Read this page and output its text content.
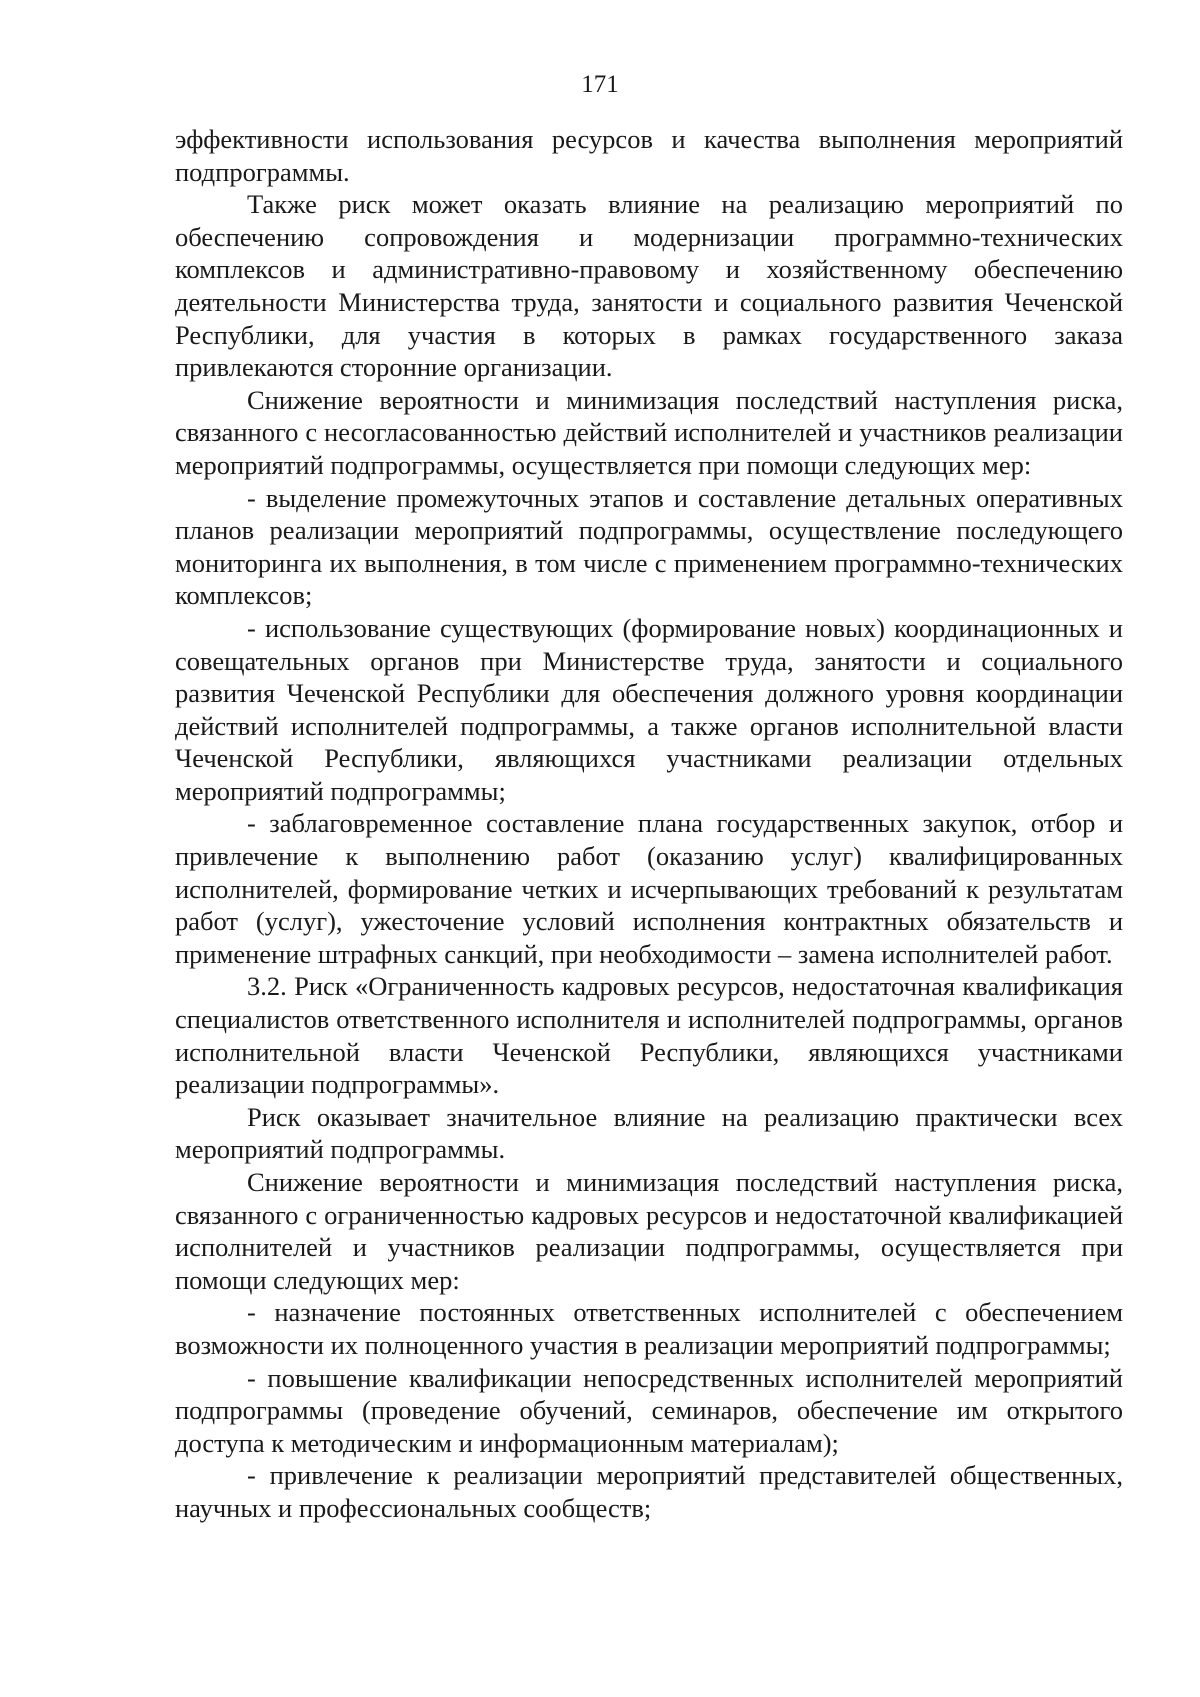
171

эффективности использования ресурсов и качества выполнения мероприятий подпрограммы.

Также риск может оказать влияние на реализацию мероприятий по обеспечению сопровождения и модернизации программно-технических комплексов и административно-правовому и хозяйственному обеспечению деятельности Министерства труда, занятости и социального развития Чеченской Республики, для участия в которых в рамках государственного заказа привлекаются сторонние организации.

Снижение вероятности и минимизация последствий наступления риска, связанного с несогласованностью действий исполнителей и участников реализации мероприятий подпрограммы, осуществляется при помощи следующих мер:

- выделение промежуточных этапов и составление детальных оперативных планов реализации мероприятий подпрограммы, осуществление последующего мониторинга их выполнения, в том числе с применением программно-технических комплексов;

- использование существующих (формирование новых) координационных и совещательных органов при Министерстве труда, занятости и социального развития Чеченской Республики для обеспечения должного уровня координации действий исполнителей подпрограммы, а также органов исполнительной власти Чеченской Республики, являющихся участниками реализации отдельных мероприятий подпрограммы;

- заблаговременное составление плана государственных закупок, отбор и привлечение к выполнению работ (оказанию услуг) квалифицированных исполнителей, формирование четких и исчерпывающих требований к результатам работ (услуг), ужесточение условий исполнения контрактных обязательств и применение штрафных санкций, при необходимости – замена исполнителей работ.

3.2. Риск «Ограниченность кадровых ресурсов, недостаточная квалификация специалистов ответственного исполнителя и исполнителей подпрограммы, органов исполнительной власти Чеченской Республики, являющихся участниками реализации подпрограммы».

Риск оказывает значительное влияние на реализацию практически всех мероприятий подпрограммы.

Снижение вероятности и минимизация последствий наступления риска, связанного с ограниченностью кадровых ресурсов и недостаточной квалификацией исполнителей и участников реализации подпрограммы, осуществляется при помощи следующих мер:

- назначение постоянных ответственных исполнителей с обеспечением возможности их полноценного участия в реализации мероприятий подпрограммы;

- повышение квалификации непосредственных исполнителей мероприятий подпрограммы (проведение обучений, семинаров, обеспечение им открытого доступа к методическим и информационным материалам);

- привлечение к реализации мероприятий представителей общественных, научных и профессиональных сообществ;
